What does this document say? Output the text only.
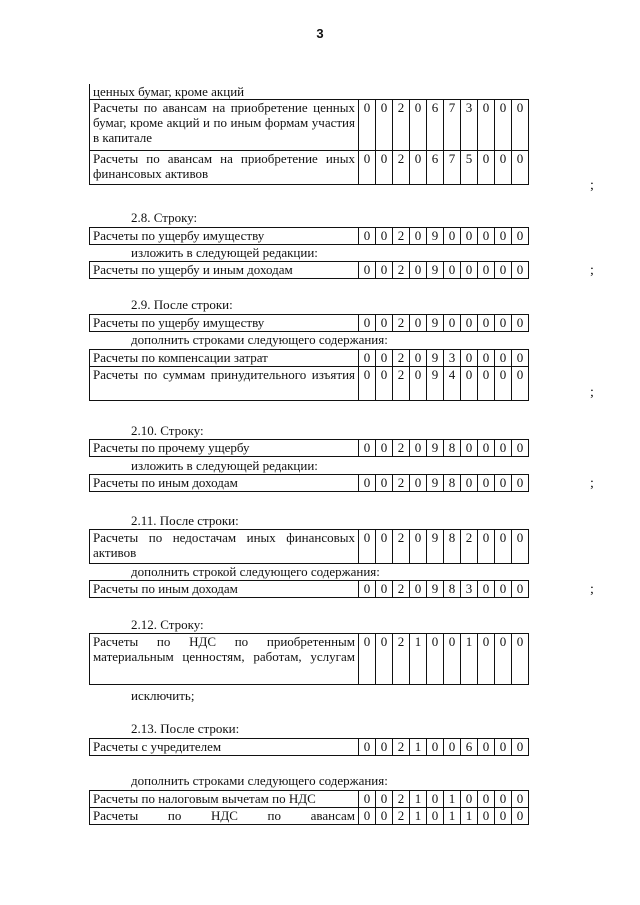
3
ценных бумаг, кроме акций										
Расчеты по авансам на приобретение ценных бумаг, кроме акций и по иным формам участия в капитале	0	0	2	0	6	7	3	0	0	0
Расчеты по авансам на приобретение иных финансовых активов	0	0	2	0	6	7	5	0	0	0
;
2.8. Строку:
Расчеты по ущербу имуществу	0	0	2	0	9	0	0	0	0	0
изложить в следующей редакции:
Расчеты по ущербу и иным доходам	0	0	2	0	9	0	0	0	0	0	;
2.9. После строки:
Расчеты по ущербу имуществу	0	0	2	0	9	0	0	0	0	0
дополнить строками следующего содержания:
Расчеты по компенсации затрат	0	0	2	0	9	3	0	0	0	0
Расчеты по суммам принудительного изъятия	0	0	2	0	9	4	0	0	0	0
;
2.10. Строку:
Расчеты по прочему ущербу	0	0	2	0	9	8	0	0	0	0
изложить в следующей редакции:
Расчеты по иным доходам	0	0	2	0	9	8	0	0	0	0	;
2.11. После строки:
Расчеты по недостачам иных финансовых активов	0	0	2	0	9	8	2	0	0	0
дополнить строкой следующего содержания:
Расчеты по иным доходам	0	0	2	0	9	8	3	0	0	0	;
2.12. Строку:
Расчеты по НДС по приобретенным материальным ценностям, работам, услугам	0	0	2	1	0	0	1	0	0	0
исключить;
2.13. После строки:
Расчеты с учредителем	0	0	2	1	0	0	6	0	0	0
дополнить строками следующего содержания:
Расчеты по налоговым вычетам по НДС	0	0	2	1	0	1	0	0	0	0
Расчеты по НДС по авансам	0	0	2	1	0	1	1	0	0	0
